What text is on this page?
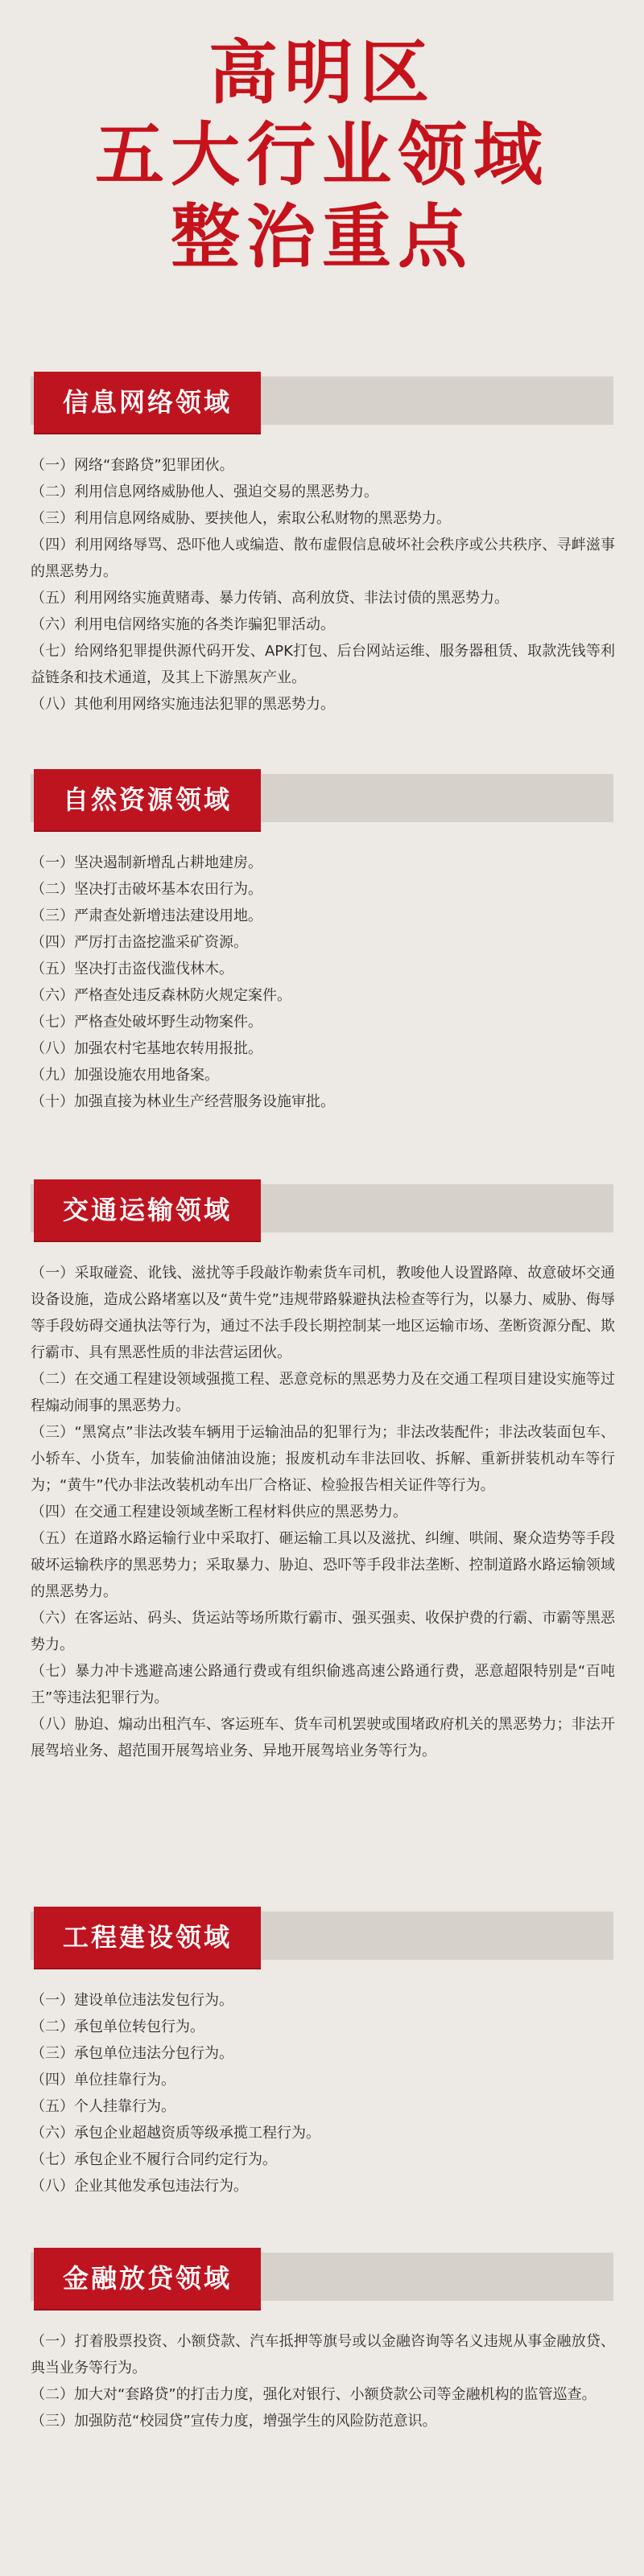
高明区
五大行业领域
整治重点
信息网络领域
（一）网络“套路贷”犯罪团伙。
（二）利用信息网络威胁他人、强迫交易的黑恶势力。
（三）利用信息网络威胁、要挟他人，索取公私财物的黑恶势力。
（四）利用网络辱骂、恐吓他人或编造、散布虚假信息破坏社会秩序或公共秩序、寻衅滋事的黑恶势力。
（五）利用网络实施黄赌毒、暴力传销、高利放贷、非法讨债的黑恶势力。
（六）利用电信网络实施的各类诈骗犯罪活动。
（七）给网络犯罪提供源代码开发、APK打包、后台网站运维、服务器租赁、取款洗钱等利益链条和技术通道，及其上下游黑灰产业。
（八）其他利用网络实施违法犯罪的黑恶势力。
自然资源领域
（一）坚决遏制新增乱占耕地建房。
（二）坚决打击破坏基本农田行为。
（三）严肃查处新增违法建设用地。
（四）严厉打击盗挖滥采矿资源。
（五）坚决打击盗伐滥伐林木。
（六）严格查处违反森林防火规定案件。
（七）严格查处破坏野生动物案件。
（八）加强农村宅基地农转用报批。
（九）加强设施农用地备案。
（十）加强直接为林业生产经营服务设施审批。
交通运输领域
（一）采取碰瓷、讹钱、滋扰等手段敲诈勒索货车司机，教唆他人设置路障、故意破坏交通设备设施，造成公路堵塞以及“黄牛党”违规带路躲避执法检查等行为，以暴力、威胁、侮辱等手段妨碍交通执法等行为，通过不法手段长期控制某一地区运输市场、垄断资源分配、欺行霸市、具有黑恶性质的非法营运团伙。
（二）在交通工程建设领域强揽工程、恶意竞标的黑恶势力及在交通工程项目建设实施等过程煽动闹事的黑恶势力。
（三）“黑窝点”非法改装车辆用于运输油品的犯罪行为；非法改装配件；非法改装面包车、小轿车、小货车，加装偷油储油设施；报废机动车非法回收、拆解、重新拼装机动车等行为；“黄牛”代办非法改装机动车出厂合格证、检验报告相关证件等行为。
（四）在交通工程建设领域垄断工程材料供应的黑恶势力。
（五）在道路水路运输行业中采取打、砸运输工具以及滋扰、纠缠、哄闹、聚众造势等手段破坏运输秩序的黑恶势力；采取暴力、胁迫、恐吓等手段非法垄断、控制道路水路运输领域的黑恶势力。
（六）在客运站、码头、货运站等场所欺行霸市、强买强卖、收保护费的行霸、市霸等黑恶势力。
（七）暴力冲卡逃避高速公路通行费或有组织偷逃高速公路通行费，恶意超限特别是“百吨王”等违法犯罪行为。
（八）胁迫、煽动出租汽车、客运班车、货车司机罢驶或围堵政府机关的黑恶势力；非法开展驾培业务、超范围开展驾培业务、异地开展驾培业务等行为。
工程建设领域
（一）建设单位违法发包行为。
（二）承包单位转包行为。
（三）承包单位违法分包行为。
（四）单位挂靠行为。
（五）个人挂靠行为。
（六）承包企业超越资质等级承揽工程行为。
（七）承包企业不履行合同约定行为。
（八）企业其他发承包违法行为。
金融放贷领域
（一）打着股票投资、小额贷款、汽车抵押等旗号或以金融咨询等名义违规从事金融放贷、典当业务等行为。
（二）加大对“套路贷”的打击力度，强化对银行、小额贷款公司等金融机构的监管巡查。
（三）加强防范“校园贷”宣传力度，增强学生的风险防范意识。
